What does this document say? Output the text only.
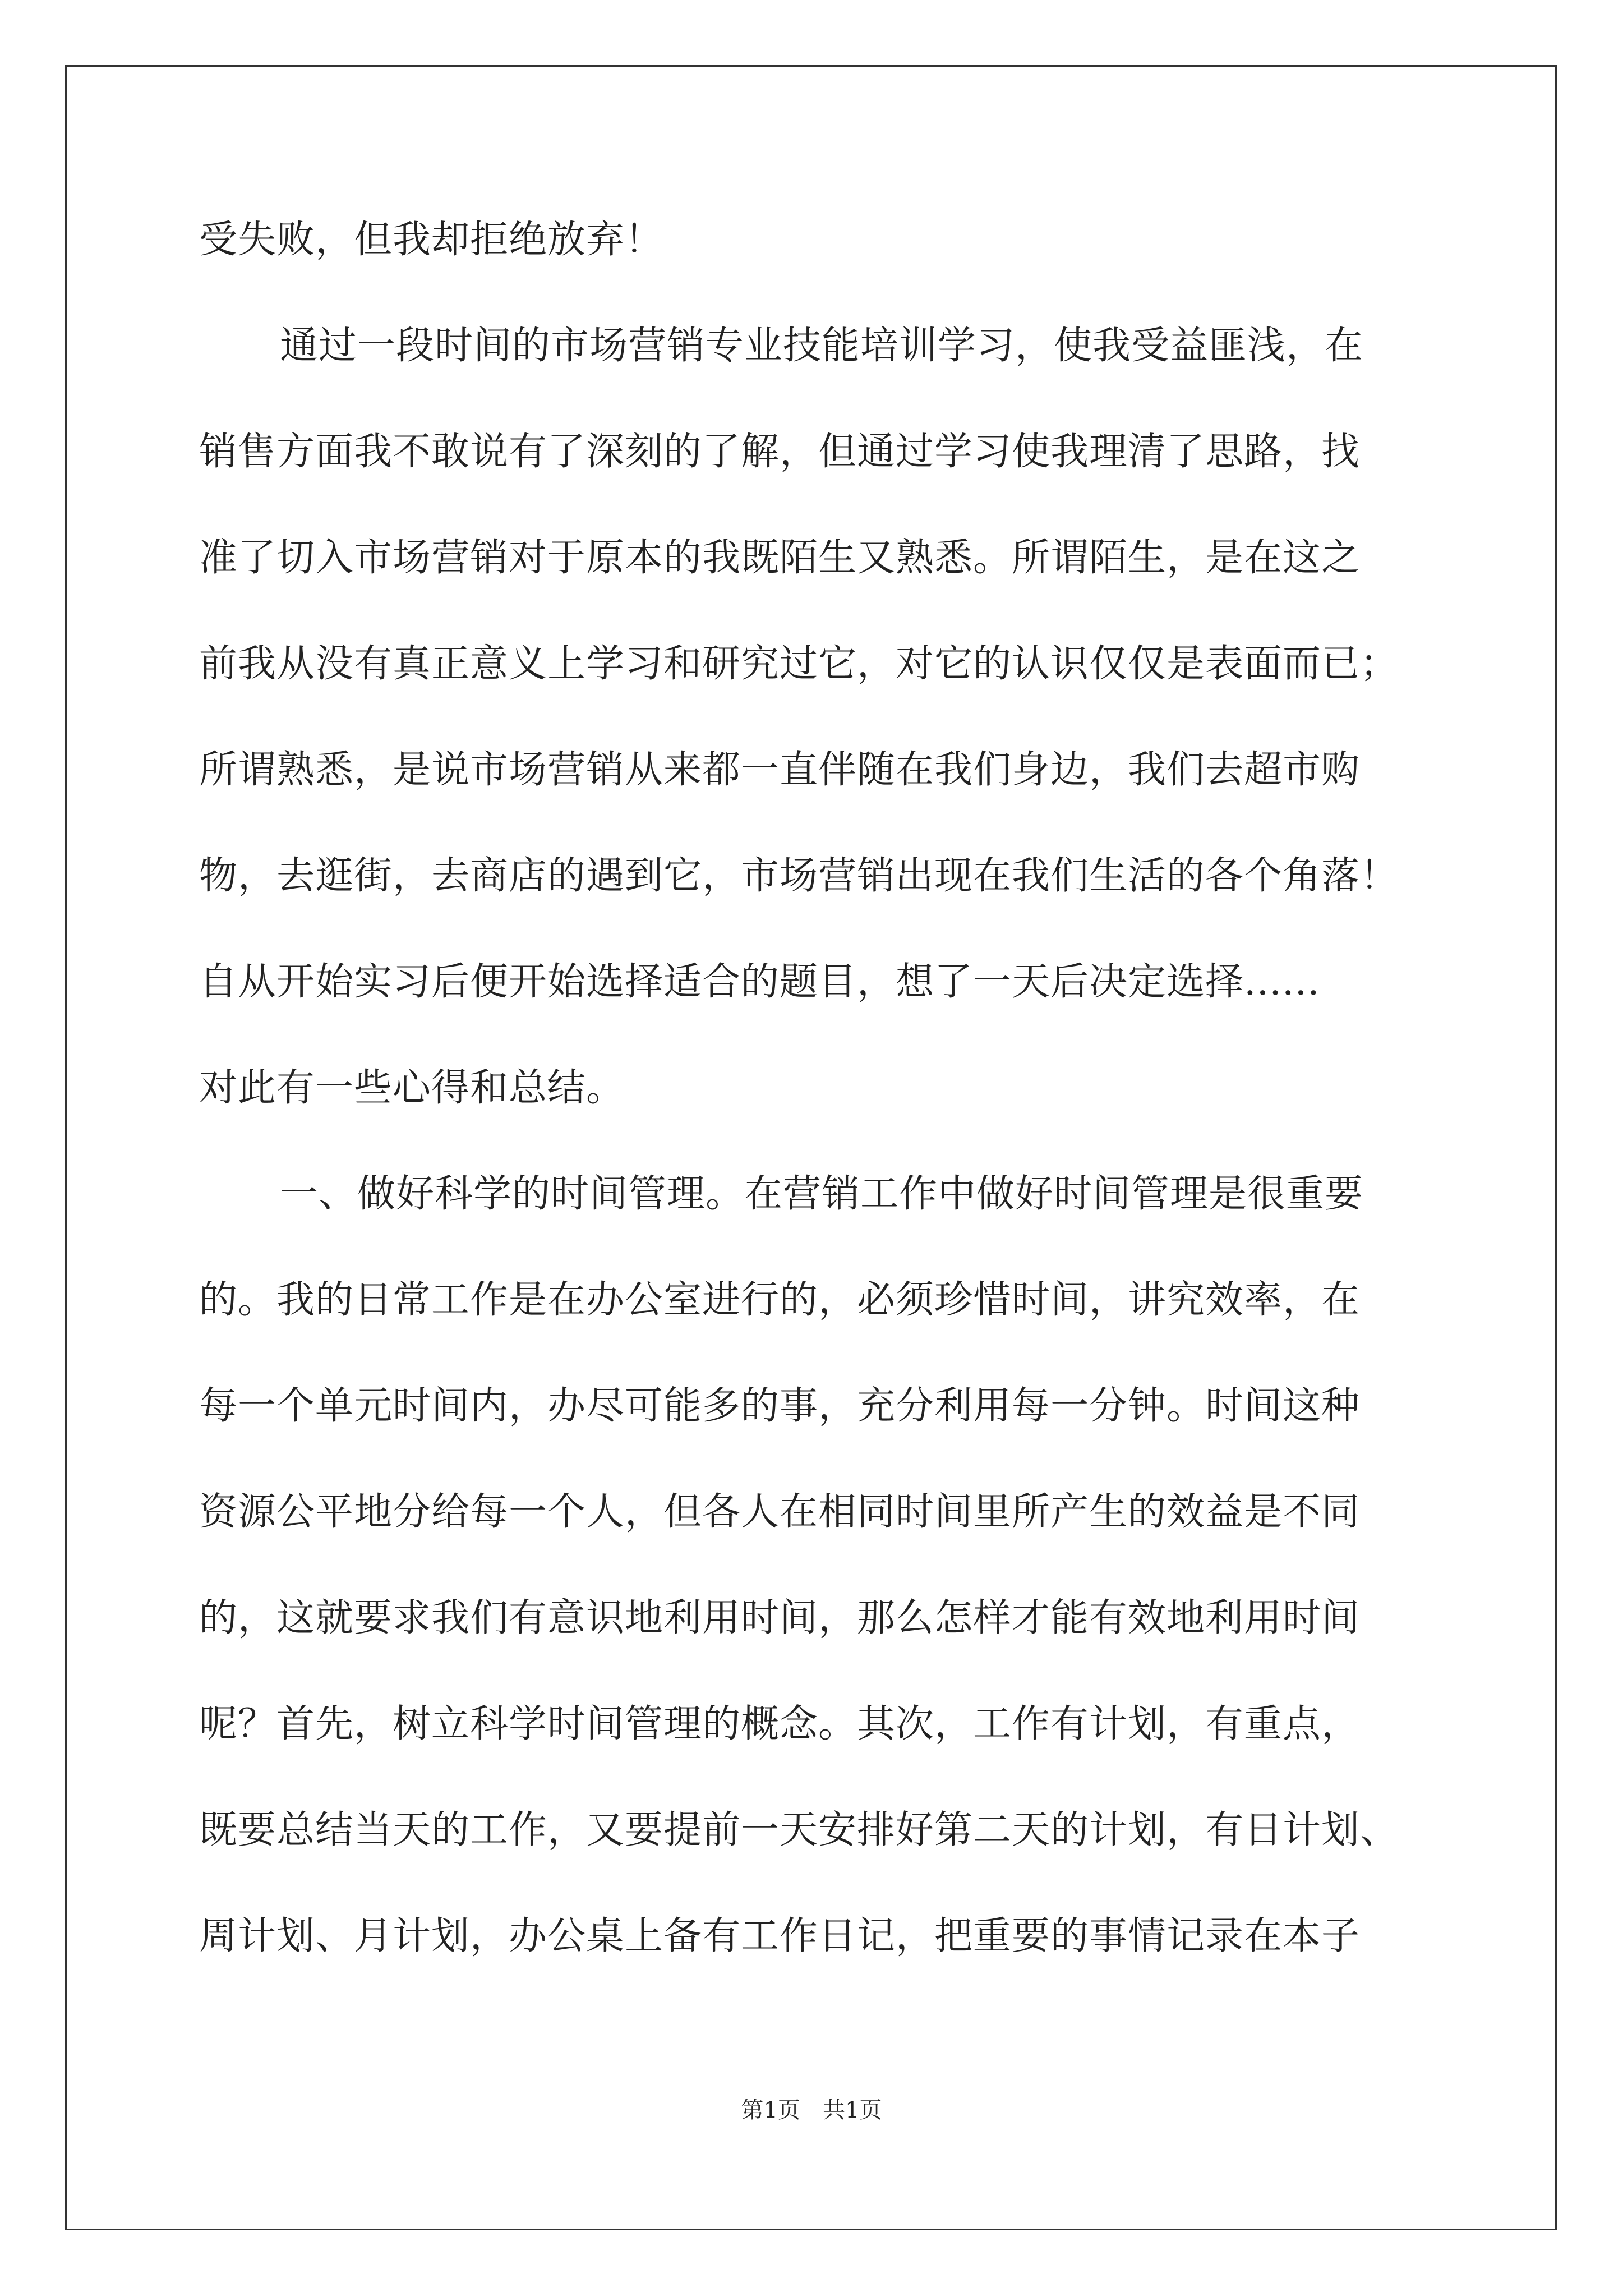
受失败，但我却拒绝放弃！
通过一段时间的市场营销专业技能培训学习，使我受益匪浅，在
销售方面我不敢说有了深刻的了解，但通过学习使我理清了思路，找
准了切入市场营销对于原本的我既陌生又熟悉。所谓陌生，是在这之
前我从没有真正意义上学习和研究过它，对它的认识仅仅是表面而已；
所谓熟悉，是说市场营销从来都一直伴随在我们身边，我们去超市购
物，去逛街，去商店的遇到它，市场营销出现在我们生活的各个角落！
自从开始实习后便开始选择适合的题目，想了一天后决定选择......
对此有一些心得和总结。
一、做好科学的时间管理。在营销工作中做好时间管理是很重要
的。我的日常工作是在办公室进行的，必须珍惜时间，讲究效率，在
每一个单元时间内，办尽可能多的事，充分利用每一分钟。时间这种
资源公平地分给每一个人，但各人在相同时间里所产生的效益是不同
的，这就要求我们有意识地利用时间，那么怎样才能有效地利用时间
呢？首先，树立科学时间管理的概念。其次，工作有计划，有重点，
既要总结当天的工作，又要提前一天安排好第二天的计划，有日计划、
周计划、月计划，办公桌上备有工作日记，把重要的事情记录在本子
第1页　共1页
